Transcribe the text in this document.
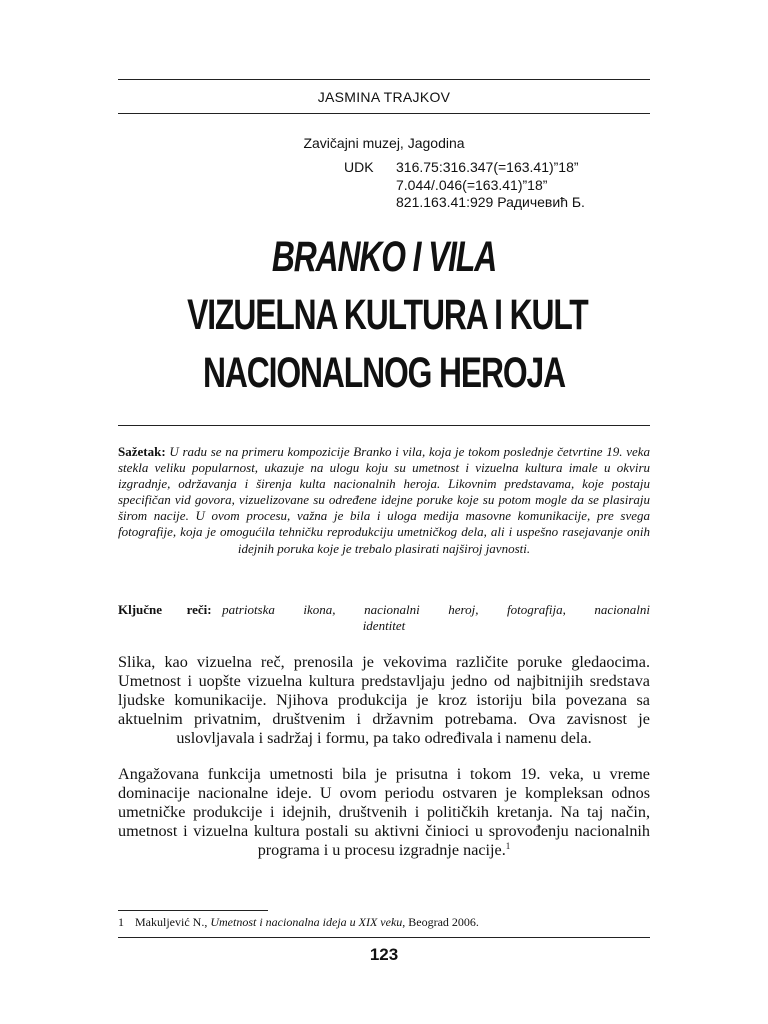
JASMINA TRAJKOV
Zavičajni muzej, Jagodina
UDK	316.75:316.347(=163.41)”18”
7.044/.046(=163.41)”18”
821.163.41:929 Радичевић Б.
BRANKO I VILA
VIZUELNA KULTURA I KULT
NACIONALNOG HEROJA
Sažetak: U radu se na primeru kompozicije Branko i vila, koja je tokom poslednje četvrtine 19. veka stekla veliku popularnost, ukazuje na ulogu koju su umetnost i vizuelna kultura imale u okviru izgradnje, održavanja i širenja kulta nacionalnih heroja. Likovnim predstavama, koje postaju specifičan vid govora, vizuelizovane su određene idejne poruke koje su potom mogle da se plasiraju širom nacije. U ovom procesu, važna je bila i uloga medija masovne komunikacije, pre svega fotografije, koja je omogućila tehničku reprodukciju umetničkog dela, ali i uspešno rasejavanje onih idejnih poruka koje je trebalo plasirati najširoj javnosti.
Ključne reči: patriotska ikona, nacionalni heroj, fotografija, nacionalni identitet
Slika, kao vizuelna reč, prenosila je vekovima različite poruke gledaocima. Umetnost i uopšte vizuelna kultura predstavljaju jedno od najbitnijih sredstava ljudske komunikacije. Njihova produkcija je kroz istoriju bila povezana sa aktuelnim privatnim, društvenim i državnim potrebama. Ova zavisnost je uslovljavala i sadržaj i formu, pa tako određivala i namenu dela.
Angažovana funkcija umetnosti bila je prisutna i tokom 19. veka, u vreme dominacije nacionalne ideje. U ovom periodu ostvaren je kompleksan odnos umetničke produkcije i idejnih, društvenih i političkih kretanja. Na taj način, umetnost i vizuelna kultura postali su aktivni činioci u sprovođenju nacionalnih programa i u procesu izgradnje nacije.$^1$
1 Makuljević N., Umetnost i nacionalna ideja u XIX veku, Beograd 2006.
123
